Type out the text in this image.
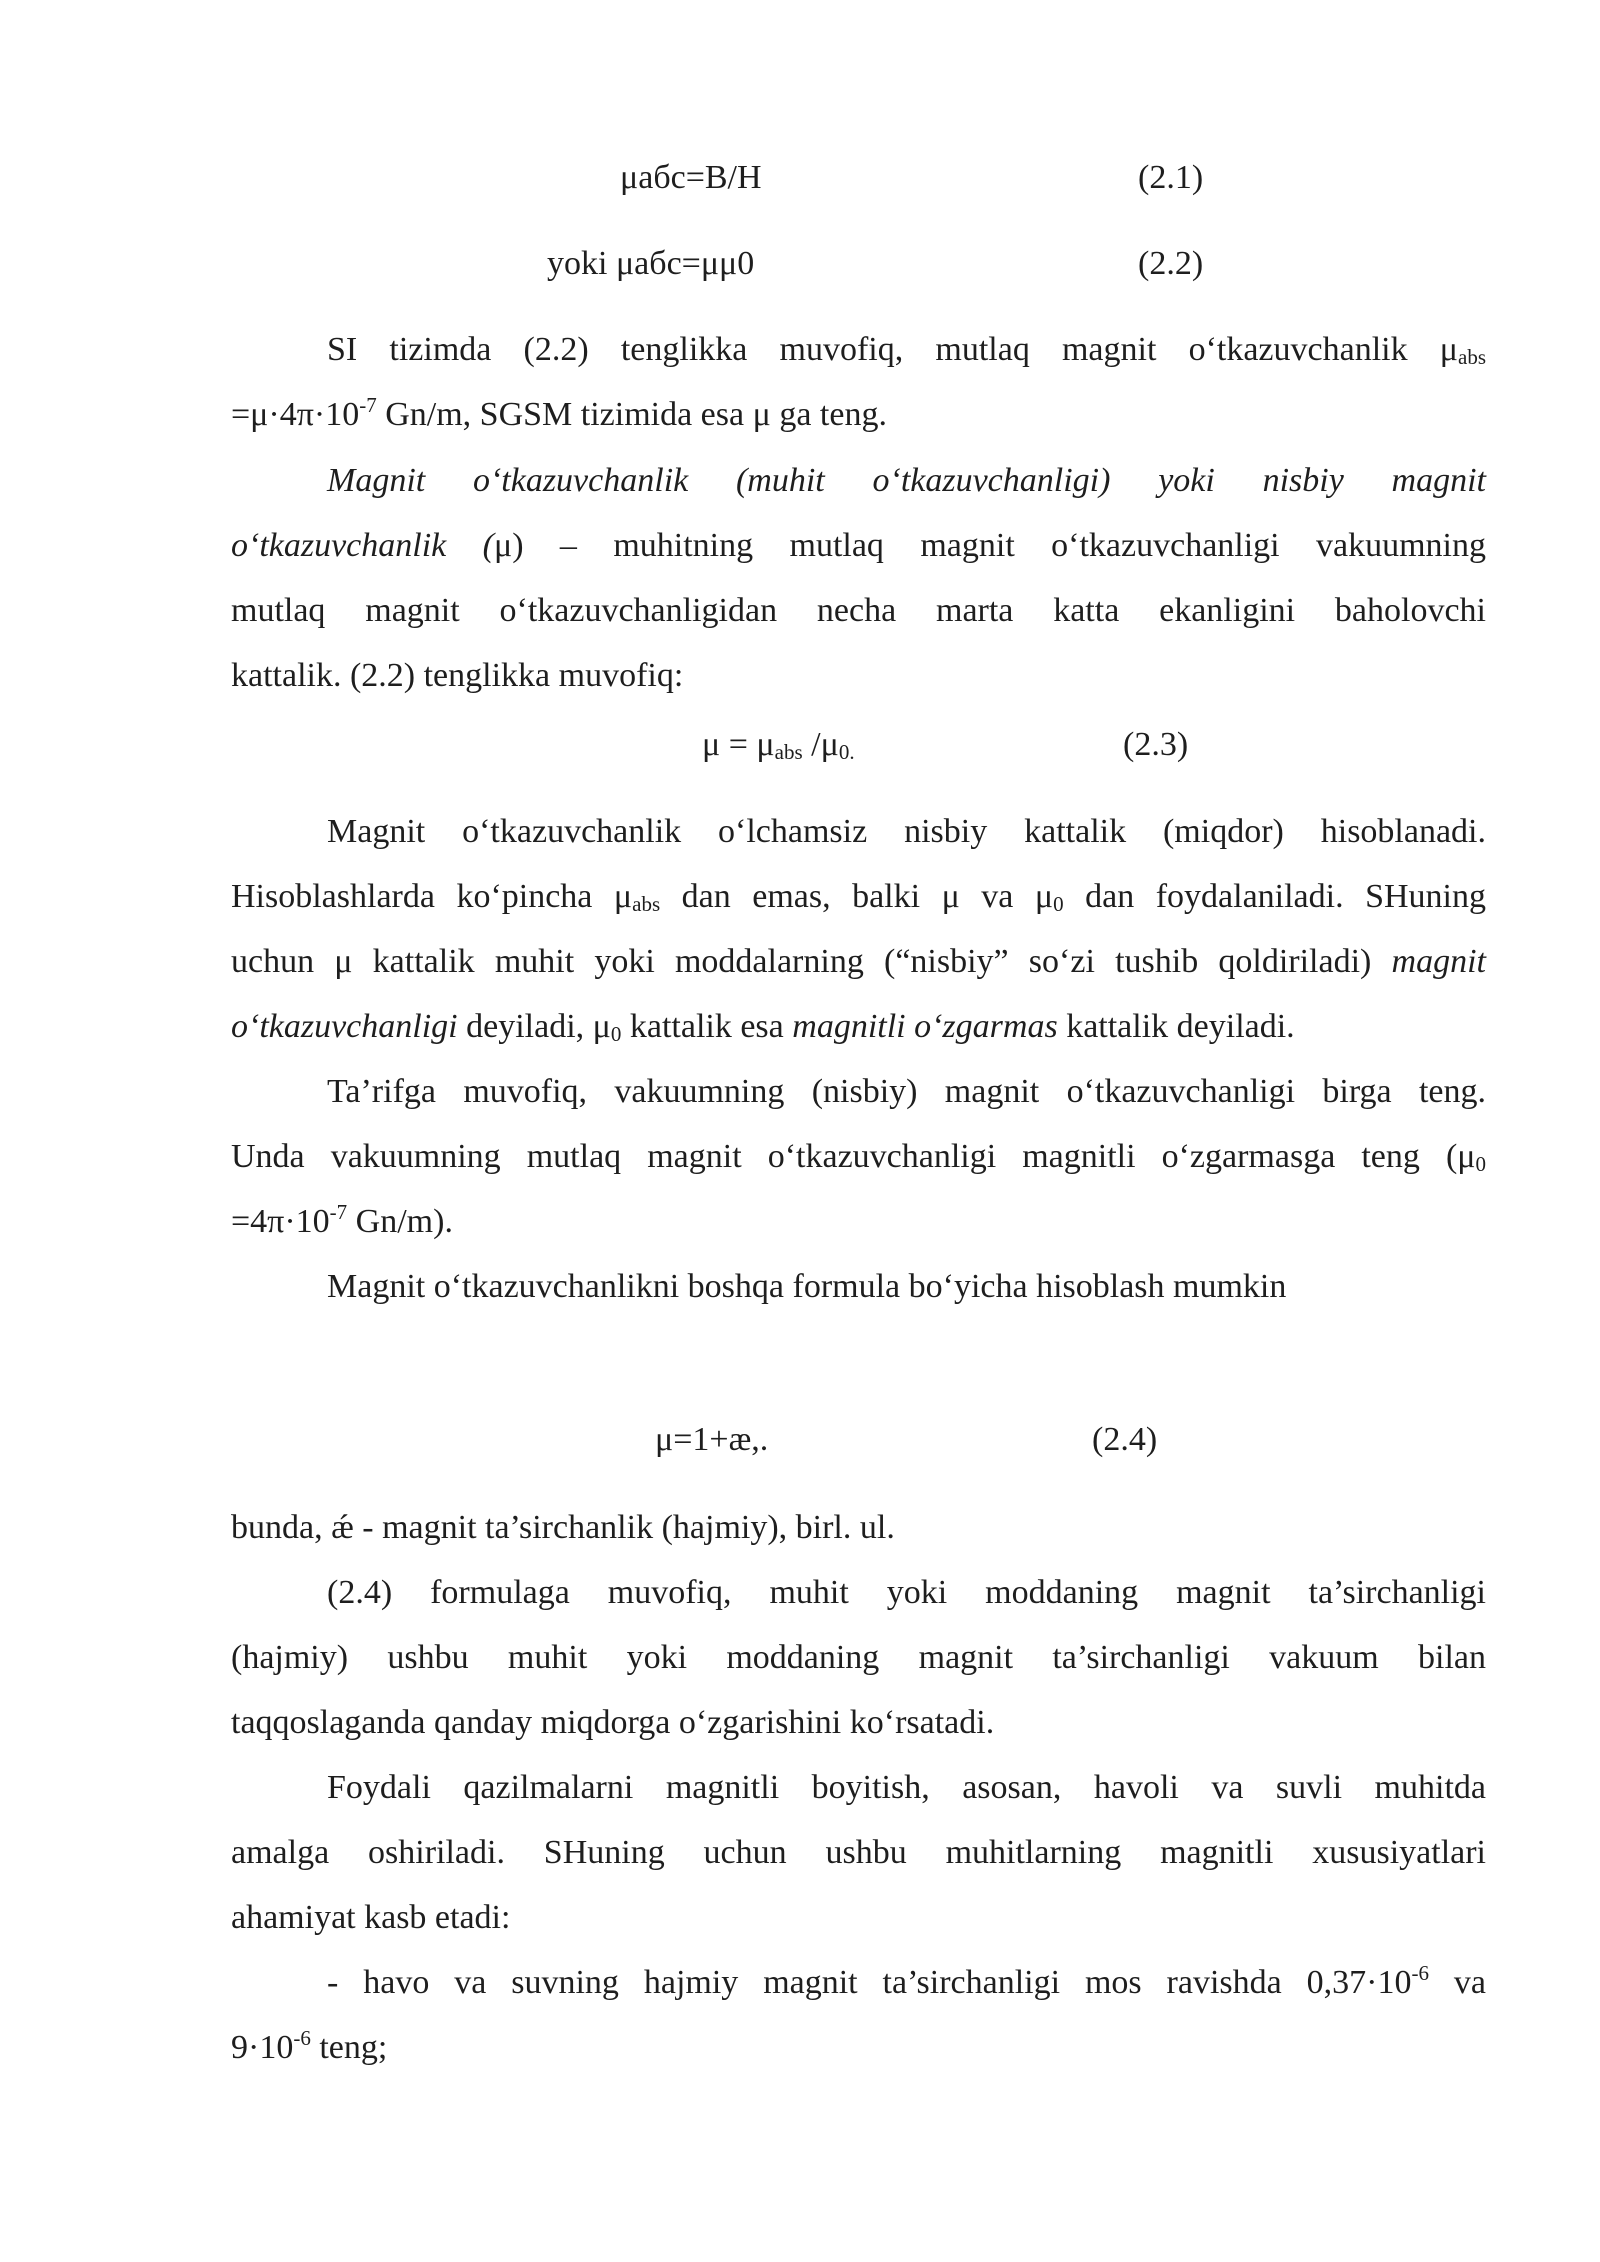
μабс=B/H	(2.1)
yoki μабс=μμ0	(2.2)
SI tizimda (2.2) tenglikka muvofiq, mutlaq magnit o‘tkazuvchanlik $\mu_{abs}$
$=\mu\cdot 4\pi\cdot 10^{-7}$ Gn/m, SGSM tizimida esa μ ga teng.
Magnit o‘tkazuvchanlik (muhit o‘tkazuvchanligi) yoki nisbiy magnit
o‘tkazuvchanlik (μ) – muhitning mutlaq magnit o‘tkazuvchanligi vakuumning
mutlaq magnit o‘tkazuvchanligidan necha marta katta ekanligini baholovchi
kattalik. (2.2) tenglikka muvofiq:
$\mu = \mu_{abs}$ $/\mu_{0.}$	(2.3)
Magnit o‘tkazuvchanlik o‘lchamsiz nisbiy kattalik (miqdor) hisoblanadi.
Hisoblashlarda ko‘pincha $\mu_{abs}$ dan emas, balki μ va $\mu_0$ dan foydalaniladi. SHuning
uchun μ kattalik muhit yoki moddalarning (“nisbiy” so‘zi tushib qoldiriladi) magnit
o‘tkazuvchanligi deyiladi, $\mu_0$ kattalik esa magnitli o‘zgarmas kattalik deyiladi.
Ta’rifga muvofiq, vakuumning (nisbiy) magnit o‘tkazuvchanligi birga teng.
Unda vakuumning mutlaq magnit o‘tkazuvchanligi magnitli o‘zgarmasga teng ($\mu_0$
$=4\pi\cdot 10^{-7}$ Gn/m).
Magnit o‘tkazuvchanlikni boshqa formula bo‘yicha hisoblash mumkin
μ=1+æ,.	(2.4)
bunda, ǽ - magnit ta’sirchanlik (hajmiy), birl. ul.
(2.4) formulaga muvofiq, muhit yoki moddaning magnit ta’sirchanligi
(hajmiy) ushbu muhit yoki moddaning magnit ta’sirchanligi vakuum bilan
taqqoslaganda qanday miqdorga o‘zgarishini ko‘rsatadi.
Foydali qazilmalarni magnitli boyitish, asosan, havoli va suvli muhitda
amalga oshiriladi. SHuning uchun ushbu muhitlarning magnitli xususiyatlari
ahamiyat kasb etadi:
- havo va suvning hajmiy magnit ta’sirchanligi mos ravishda $0,37\cdot 10^{-6}$ va
$9\cdot 10^{-6}$ teng;
